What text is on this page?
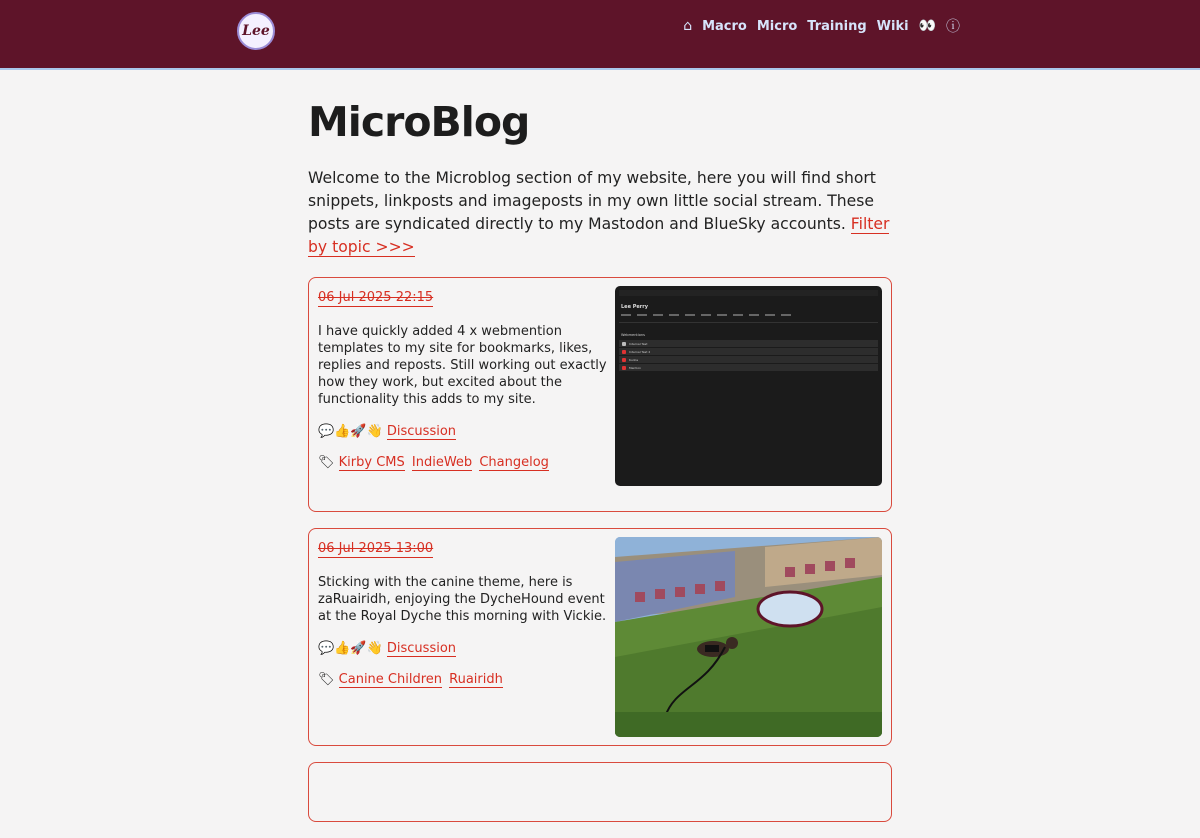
Lee	⌂ Macro Micro Training Wiki 👀 ⓘ
MicroBlog

Welcome to the Microblog section of my website, here you will find short snippets, linkposts and imageposts in my own little social stream. These posts are syndicated directly to my Mastodon and BlueSky accounts. Filter by topic >>>

06 Jul 2025 22:15

I have quickly added 4 x webmention templates to my site for bookmarks, likes, replies and reposts. Still working out exactly how they work, but excited about the functionality this adds to my site.

💬👍🚀👋 Discussion
🏷 Kirby CMS IndieWeb Changelog
Lee Perry
Webmentions
Internal Test
Internal Test 2
Kudos
Mention
06 Jul 2025 13:00

Sticking with the canine theme, here is zaRuairidh, enjoying the DycheHound event at the Royal Dyche this morning with Vickie.

💬👍🚀👋 Discussion
🏷 Canine Children Ruairidh
